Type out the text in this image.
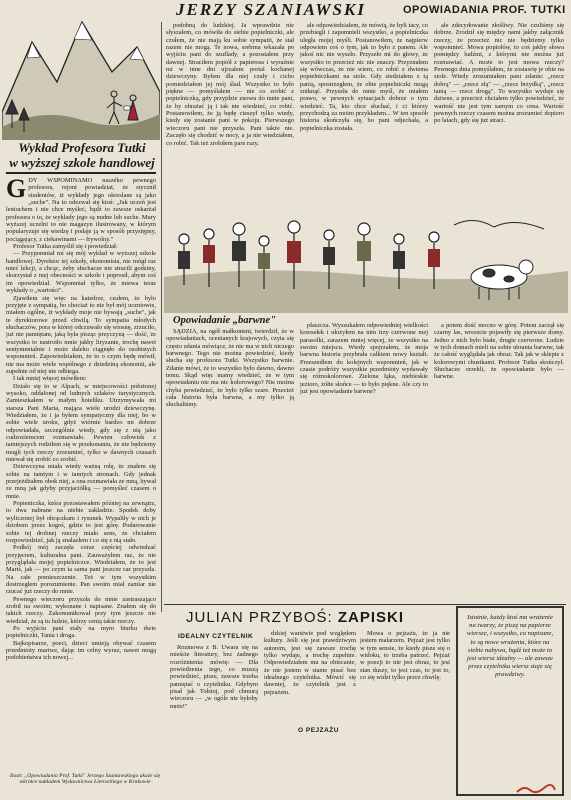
JERZY SZANIAWSKI	OPOWIADANIA PROF. TUTKI
Wykład Profesora Tutki
w wyższej szkole handlowej

GDY WSPOMINAMO naszéko pewnego profesora, rejont powiadziat, że stycznił studentów, iż wykłady jego okreslane są jako „suche". Na to odezwał się ktoś: „Jak uczeń jest leniochem i nie chce myśleć, bądź to zawsze oskarżał profesora o to, że wykłady jego są nudne lub suche. Mury wyższej uczelni to nie magazyn ilustrowany, w którym popularyzuje się wiedzę i podaje ją w sposób przystępny, pociągający, z ciekawinami — frywolny."

Profesor Tutka zamyślił się i powiedział:

— Przypomniał mi się mój wykład w wyższej szkole handlowej. Dyrektor tej szkoły, ekonomista, nie mógł raz mieć lekcji, a chcąc, żeby słuchacze nie stracili godziny, skorzystał z mej obecności w szkole i poprosił, abym coś im opowiedział. Wspomniał tylko, że miewa teraz wykłady o „wartości".

Zjawiłem się więc na katedrze, czułem, że bylo przyjęte z sympatią, bo chociaż to nie był mój uczniowie, miałem ogólne, iż wykłady moje nie bywają „suche", jak te dyrektorowe przed chwilą. To sympatia młodych słuchaczów, pora w której odczuwało się wiosnę, zrzuciło, już nie pamiętam, jaką była pisząc przyczyną — dość, że wszystko to nastroiło mnie jakby liryzanie, trochę nawet sentymentalnie i może daleko ciągnęło do osobistych wspomnień. Zapowiedziałem, że to o czym będę mówił, nie ma może wiele wspólnego z dziedziną ekonomii, ale zupełnie od niej nie odbiega.

I tak mniej więcej mówiłem:

Działo się to w Alpach, w miejscowości położonej wysoko, oddalonej od ludnych szlaków turystycznych. Zamieszkałem w małym hoteliku. Utrzymywała mi starsza Pani Maria, mająca wiele urodzi dziewczynę. Wiedziałem, że i ja byłem sympatyczny dla niej, bo w sobie wiele uroku, gdyż wtórnie bardzo mi dobrze odpowiadała, szczególnie wtedy, gdy się z nią jako cudzoziemcem rozmawiało. Pewien człowiek z tamtejszych rodziłem się w przekonaniu, że nie będziemy mogli tych rzeczy zrozumieć, tylko w dawnych czasach miewał się zrobić co zrobić.

Dziewczyna miała wtedy ważną rolę, że znałem się sobie na tamtym i w tamtych stronach. Gdy jednak przejeżdżałem obok niej, a ona rozmawiała ze mną, bywał ze mną jak gdyby przyjaciółką — pomyśleć czasem o mnie.

Popieniczka, która pozostawałem później na zewnątrz, to dwa nabrane na niebie zakładzie. Spodek doby wyliczonej był obrączkam i rysunek. Wypaliły w nich je dziobem przez kogoś, gdzie to jest górę. Podarowanie sobie tej drobnej rzeczy miało sens, że chciałem rozpowiedzieć, jak ją znalazłem i co się z nią stało.

Podkój mój zaczęła coraz częściej odwiedzać przyjęciem, kulturalna pani. Zauważyłem raz, że nie przyglądała mojej popielniczce. Wiedziałem, że to jest Mariś, jak — po czym ta sama pani jeszcze raz przyszła. Na całe pomieszczenie. Też w tym wszystkim dostrzegłem porozumienie. Pan swoim miał zamiar nie rzucać już rzeczy do mnie.

Pewnego wieczoru przyszła do mnie zastraszająco zrobił na swoim; wykonane i napisane. Znałem się do takich rzeczy. Zakomunikował przy tym jeszcze nie wiedział, że są tu ludzie, którzy cenią takie rzeczy.

Po wyjściu pani stały na mym biurku dwie popielniczki, Tania i droga.

Bajkopisarze, poeci, dzieci umieją obywać czasem przedmioty martwe, dając im celny wyraz, nawet mogą podobieństwa ich nowej...

podobną do ludzkiej. Ja wprawdzie nie słyszałem, co mówiła do siebie popielniczki, ale czułem, że nie mają ku sobie sympatii, że stał razem nie mogą. Te nowa, srebrna wkazała po wyjściu pani do szuflady, a pozostałem przy dawnej. Straciłem popiół z papierosa i wyraźnie mi w inne dni ujrzałem portal kochanej dziewczyny. Byłem dla niej czuły i cicho pomiedziałem jej mój ślad. Wszystko to było piękne — pomyślałem — nie co zrobić z popielniczką, gdy przyjdzie znowu do mnie pani, że by obrażać ją i tak nie wiedzieć, co robić. Postanowiłem, że ją będę cieszył tylko wtedy, kiedy się zostanie pani w pokoju. Pierwszego wieczoru pani nie przyszła. Pani także nie. Zaczęło się chodzić w nocy, a ja nie wiedziałem, co robić. Tak też zrobiłem pare razy.

ale odpowiedziałem, że mówią, że byli tacy, co przebiegli i zapomnieli wszystko, a popielniczka uległa mojej myśli. Postanowiłem, że najpierw odpowiem coś o tym, jak to było z panem. Ale jakoś nic nie wyszło. Przyszło mi do głowy, że wszystko to przecież nic nie znaczy. Przyznałem się wówczas, że nie wiem, co robić z dwiema popielniczkami na stole. Gdy siedziałem z tą panią, spostrzegłem, że obie popielniczki mogą zniknąć. Przyszła do mnie myśl, że miałem prawo, w pewnych sytuacjach dobrze o tym wiedzieć. Ta, kto chce słuchać, i ci którzy przychodzą za moim przykładem... W ten sposób historia skończyła się, bo pani odjechała, a popielniczka została.

ale zdecydowanie złośliwy. Nie czuliśmy się dobrze. Zrodził się między nami jakby załącznik rzeczy, że przecież nic nie będziemy tylko wspomnieć. Mowa popiołów, to coś jakby słowa pomiędzy ludźmi, z którymi nie można już rozmawiać. A może to jest mowa rzeczy? Pewnego dnia pomyślałem, że zostawię je obie na stole. Wtedy zrozumiałem pani zdanie: „rzecz dobrą" — „rzecz złą" — „rzecz brzydką", „rzecz tanią — rzecz drogą". To wszystko wydaje się dziwne, a przecież chciałem tylko powiedzieć, że wartość nie jest tym samym co cena. Wartość pewnych rzeczy czasem można zrozumieć dopiero po latach, gdy się już straci.

Opowiadanie „barwne"

SĄDZIA, na ogół małkontent, twierdził, że w opowiadaniach, ocenianych krajowych, czyta się często zdania mówiące, że nie ma w nich niczego barwnego. Tego nie można powiedzieć, kiedy słucha się profesora Tutki. Wszystko barwnie. Zdanie mówi, że to wszystko było dawno, dawno temu. Skąd więc mamy wiedzieć, że w tym opowiadaniu nie ma nic kolorowego? Nie można chyba powiedzieć, że było tylko szare. Przecież cała historia była barwna, a my tylko ją słuchaliśmy.

płaszcza. Wyszukałem odpowiedniej wielkości krzesełek i ułożyłem na nim trzy czerwone mej parasolki, zarazem mniej więcej, że wszystko na swoim miejscu. Wtedy spojrzałem, że moja barwna historia przybrała całkiem nowy kształt. Przeszedłem do kolejnych wspomnień, jak w czasie podróży wszystkie przedmioty wydawały się różnokolorowe. Zielona łąka, niebieskie jezioro, żółte słońce — to było piękne. Ale czy to już jest opowiadanie barwne?

a potem dość mocno w górę. Potem zaczął się czarny las, wreszcie pojawiły się pierwsze domy. Jedno z nich było białe, drugie czerwone. Ludzie w tych domach mieli na sobie ubrania barwne, tak że całość wyglądała jak obraz. Tak jak w sklepie z kolorowymi chustkami. Profesor Tutka skończył. Słuchacze orzekli, że opowiadanie było — barwne.

JULIAN PRZYBOŚ: ZAPISKI
IDEALNY CZYTELNIK

Rozmowa z B. Uwara się na mieście literatury, bez żadnego rozróżnienia: mówię: — Dla powiedzenia tego, co muszą powiedzieć, pisze, zawsze trzeba pamiętać o czytelniku. Gdybym pisał jak Tołstoj, pod chmurą wieczoru — „w ogóle nie byłoby mnie!"

dzkiej warstwie pod względem kultury. Jeśli się jest prawdziwym autorem, jest się zawsze trochę tylko wydaje, a trochę zupełnie. Odpowiedziałem mu na obiecanie, że nie jestem w stanie pisać bez idealnego czytelnika. Mówić się dawniej, że czytelnik jest z pejzażem.

O PEJZAŻU

Mowa o pejzażu, że ja nie jestem malarzem. Pejzaż jest tylko w tym sensie, że kiedy pisze się o widoku, to trzeba patrzeć. Pejzaż w poezji to nie jest obraz, to jest stan duszy, to jest czas, to jest to, co się widzi tylko przez chwilę.

Istotnie, każdy ktoś ma wrażenie na twarzy, że piszę na papierze wiersze, i wszystko, co napisane, to są nowe wrażenia, które na siebie nabywa, bądź też może to jest wiersz idealny — ale zawsze przez czytelnika wiersz staje się prawdziwy.
Ilustr. „Opowiadania Prof. Tutki" Jerzego Szaniawskiego ukaże się wkrótce nakładem Wydawnictwa Literackiego w Krakowie
